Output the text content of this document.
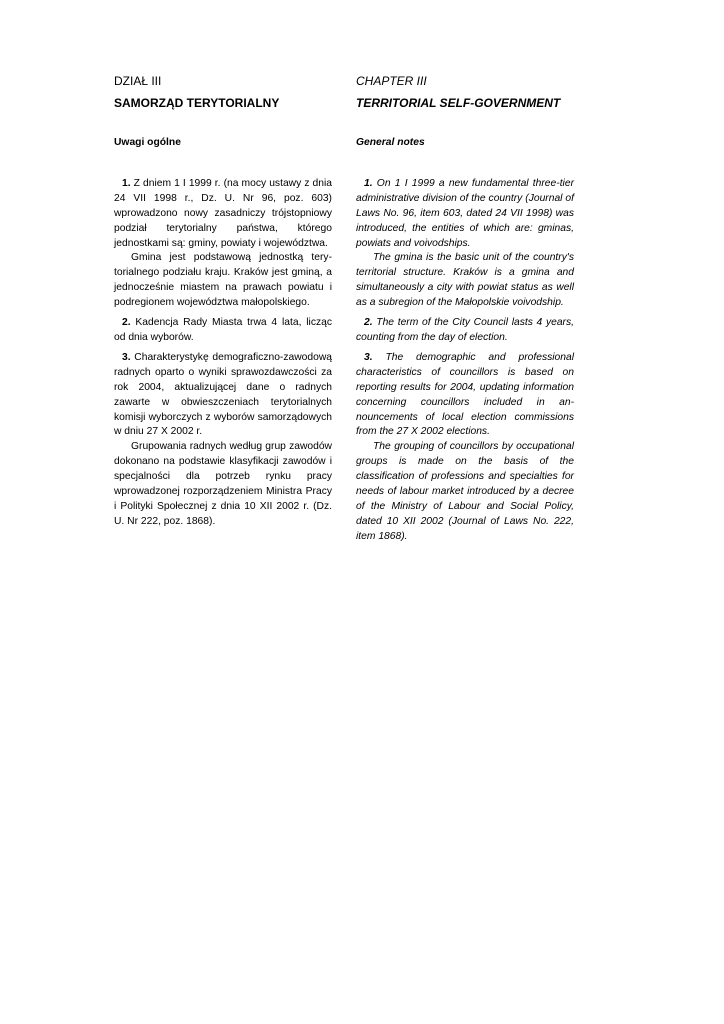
DZIAŁ III
SAMORZĄD TERYTORIALNY
Uwagi ogólne

1. Z dniem 1 I 1999 r. (na mocy ustawy z dnia 24 VII 1998 r., Dz. U. Nr 96, poz. 603) wprowadzono nowy zasadniczy trójstopniowy podział terytorialny państwa, którego jednostkami są: gminy, powiaty i województwa.

Gmina jest podstawową jednostką terytorialnego podziału kraju. Kraków jest gminą, a jednocześnie miastem na prawach powiatu i podregionem województwa małopolskiego.

2. Kadencja Rady Miasta trwa 4 lata, licząc od dnia wyborów.

3. Charakterystykę demograficzno-zawodową radnych oparto o wyniki sprawozdawczości za rok 2004, aktualizującej dane o radnych zawarte w obwieszczeniach terytorialnych komisji wyborczych z wyborów samorządowych w dniu 27 X 2002 r.

Grupowania radnych według grup zawodów dokonano na podstawie klasyfikacji zawodów i specjalności dla potrzeb rynku pracy wprowadzonej rozporządzeniem Ministra Pracy i Polityki Społecznej z dnia 10 XII 2002 r. (Dz. U. Nr 222, poz. 1868).

CHAPTER III
TERRITORIAL SELF-GOVERNMENT
General notes

1. On 1 I 1999 a new fundamental three-tier administrative division of the country (Journal of Laws No. 96, item 603, dated 24 VII 1998) was introduced, the entities of which are: gminas, powiats and voivodships.

The gmina is the basic unit of the country's territorial structure. Kraków is a gmina and simultaneously a city with powiat status as well as a subregion of the Małopolskie voivodship.

2. The term of the City Council lasts 4 years, counting from the day of election.

3. The demographic and professional characteristics of councillors is based on reporting results for 2004, updating information concerning councillors included in announcements of local election commissions from the 27 X 2002 elections.

The grouping of councillors by occupational groups is made on the basis of the classification of professions and specialties for needs of labour market introduced by a decree of the Ministry of Labour and Social Policy, dated 10 XII 2002 (Journal of Laws No. 222, item 1868).
